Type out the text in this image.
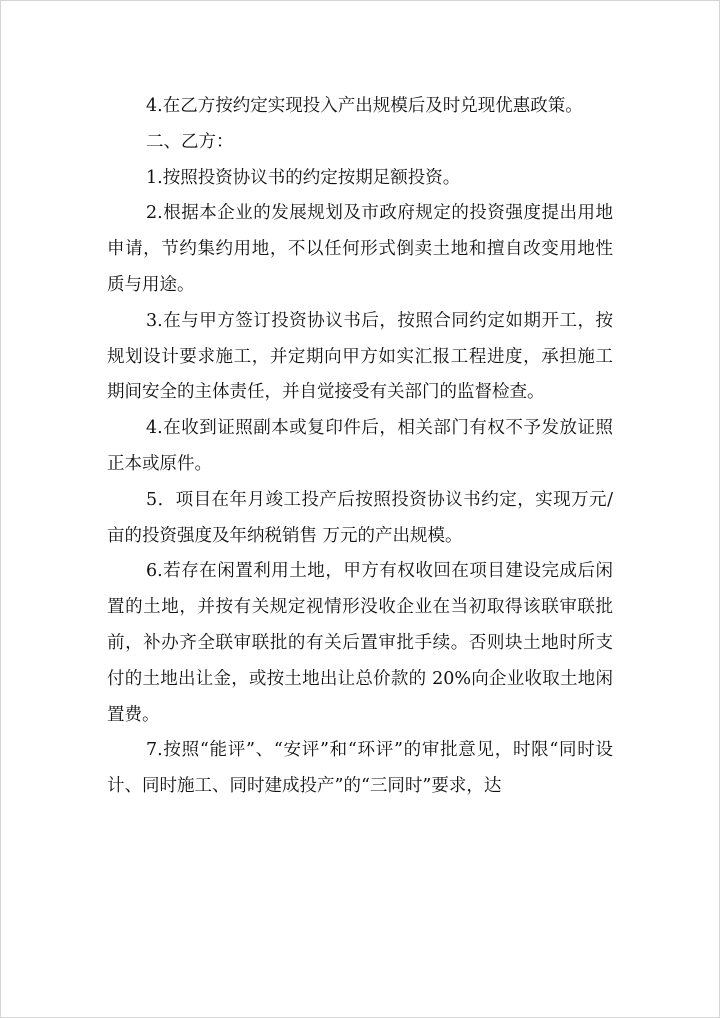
4.在乙方按约定实现投入产出规模后及时兑现优惠政策。

二、乙方：

1.按照投资协议书的约定按期足额投资。

2.根据本企业的发展规划及市政府规定的投资强度提出用地申请，节约集约用地，不以任何形式倒卖土地和擅自改变用地性质与用途。

3.在与甲方签订投资协议书后，按照合同约定如期开工，按规划设计要求施工，并定期向甲方如实汇报工程进度，承担施工期间安全的主体责任，并自觉接受有关部门的监督检查。

4.在收到证照副本或复印件后，相关部门有权不予发放证照正本或原件。

5．项目在年月竣工投产后按照投资协议书约定，实现万元/亩的投资强度及年纳税销售 万元的产出规模。

6.若存在闲置利用土地，甲方有权收回在项目建设完成后闲置的土地，并按有关规定视情形没收企业在当初取得该联审联批前，补办齐全联审联批的有关后置审批手续。否则块土地时所支付的土地出让金，或按土地出让总价款的 20%向企业收取土地闲置费。

7.按照“能评”、“安评”和“环评”的审批意见，时限“同时设计、同时施工、同时建成投产”的“三同时”要求，达
